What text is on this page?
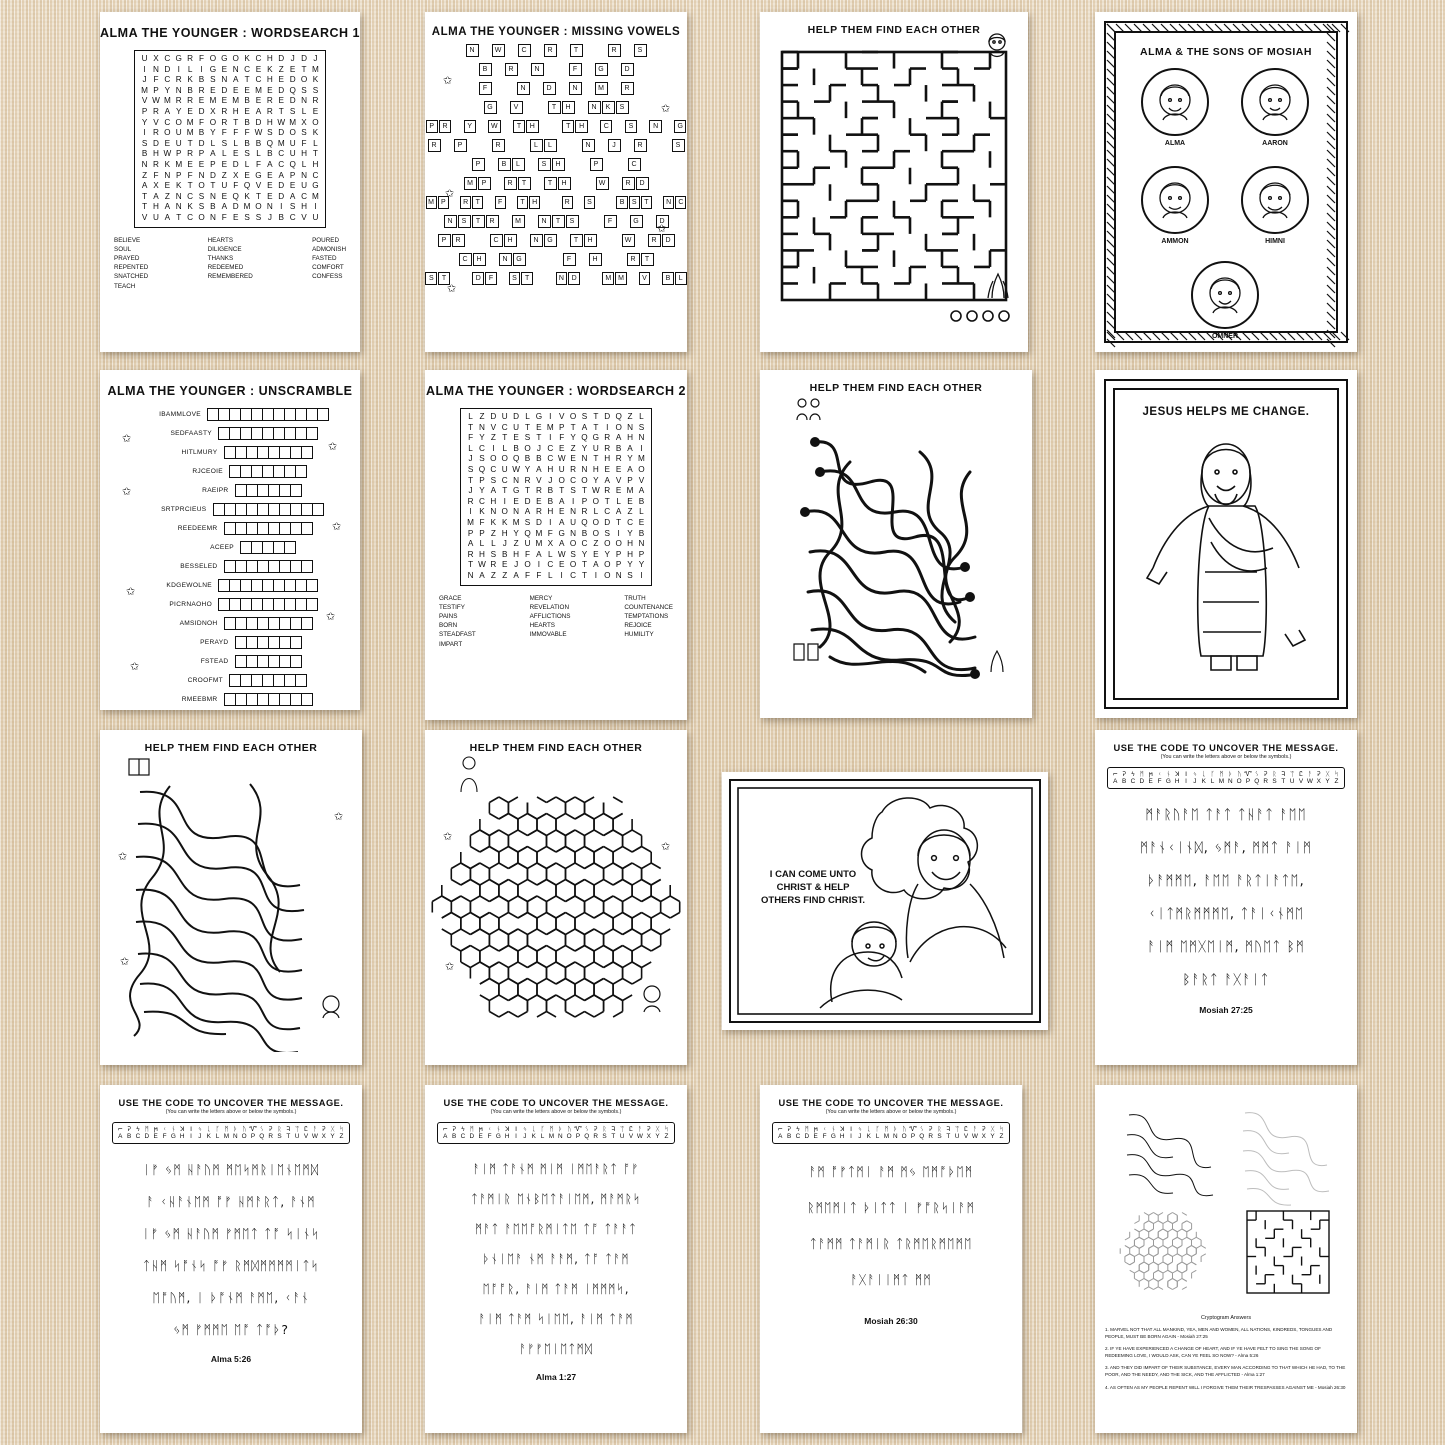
ALMA THE YOUNGER : WORDSEARCH 1
U X C G R F O G O K C H D J D J
I N D I L I G E N C E K Z E T M
J F C R K B S N A T C H E D O K
M P Y N B R E D E E M E D Q S S
V W M R R E M E M B E R E D N R
P R A Y E D X R H E A R T S L E
Y V C O M F O R T B D H W M X O
I R O U M B Y F F F W S D O S K
S D E U T D L S L B B Q M U F L
B H W P R P A L E S L B C U H T
N R K M E E P E D L F A C Q L H
Z F N P F N D Z X E G E A P N C
A X E K T O T U F Q V E D E U G
T A Z N C S N E Q K T E D A C M
T H A N K S B A D M O N I S H I
V U A T C O N F E S S J B C V U
BELIEVE
SOUL
PRAYED
REPENTED
SNATCHED
TEACH
HEARTS
DILIGENCE
THANKS
REDEEMED
REMEMBERED
POURED
ADMONISH
FASTED
COMFORT
CONFESS
ALMA THE YOUNGER : MISSING VOWELS
N
	W
	C
	R
	T

	R
	S
B
	R
	N

	F
	G
	D
F

	N
	D
	N
	M
	R
G
	V

	T	H
	N	K	S
P	R
	Y
	W
	T	H

	T	H
	C
	S
	N
	G
R
	P

	R

	L	L

	N
	J
	R

	S
P
	B	L
	S	H

	P

	C
M	P
	R	T
	T	H

	W
	R	D
M P
	R	T
	F
	T	H

	R
	S

	B	S	T
	N	C
N	S	T	R
	M
	N	T	S

	F
	G
	D
P	R

	C	H
	N	G
	T	H

	W
	R	D
C	H
	N	G

	F
	H

	R	T
S	T

	D	F
	S	T

	N	D

	M M
	V
	B	L
✩
✩
✩
✩
✩
HELP THEM FIND EACH OTHER
ALMA & THE SONS OF MOSIAH
ALMA	AARON
AMMON	HIMNI
OMNER
ALMA THE YOUNGER : UNSCRAMBLE
IBAMMLOVE
SEDFAASTY
HITLMURY
RJCEOIE
RAEIPR
SRTPRCIEUS
REEDEEMR
ACEEP
BESSELED
KDGEWOLNE
PICRNAOHO
AMSIDNOH
PERAYD
FSTEAD
CROOFMT
RMEEBMR
✩
✩
✩
✩
✩
✩
✩
ALMA THE YOUNGER : WORDSEARCH 2
L Z D U D L G I V O S T D Q Z L
T N V C U T E M P T A T I O N S
F Y Z T E S T I F Y Q G R A H N
L C I L B O J C E Z Y U R B A I
J S O O Q B B C W E N T H R Y M
S Q C U W Y A H U R N H E E A O
T P S C N R V J O C O Y A V P V
J Y A T G T R B T S T W R E M A
R C H I E D E B A I P O T L E B
I K N O N A R H E N R L C A Z L
M F K K M S D I A U Q O D T C E
P P Z H Y Q M F G N B O S I Y B
A L L J Z U M X A O C Z O O H N
R H S B H F A L W S Y E Y P H P
T W R E J O I C E O T A O P Y Y
N A Z Z A F F L I C T I O N S I
GRACE
TESTIFY
PAINS
BORN
STEADFAST
IMPART
MERCY
REVELATION
AFFLICTIONS
HEARTS
IMMOVABLE
TRUTH
COUNTENANCE
TEMPTATIONS
REJOICE
HUMILITY
HELP THEM FIND EACH OTHER
JESUS HELPS ME CHANGE.
HELP THEM FIND EACH OTHER
✩
✩
✩
HELP THEM FIND EACH OTHER
✩
✩
✩
I CAN COME UNTO CHRIST & HELP OTHERS FIND CHRIST.
USE THE CODE TO UNCOVER THE MESSAGE.
(You can write the letters above or below the symbols.)
⌐ Ꭾ ϟ ᛗ ϻ ᚲ ᚾ ꓘ ꓲ ᛃ ᚳ ᚴ ᛗ ᚦ ᚢ Ꮙ ᛊ Ꭾ ᚱ Ꮈ ᛠ Ꮭ ᚨ Ꭾ ᚷ ᛋ
A B C D E F G H I J K L M N O P Q R S T U V W X Y Z
ᛗᚨᚱᚢᚨᛖ ᛏᚨᛏ ᛏᚺᚨᛏ ᚨᛖᛖ
ᛗᚨᚾᚲᛁᚾᛞ, ᛃᛗᚨ, ᛗᛗᛏ ᚨᛁᛗ
ᚦᚨᛗᛗᛖ, ᚨᛖᛖ ᚨᚱᛏᛁᚨᛏᛖ,
ᚲᛁᛏᛗᚱᛗᛗᛗᛖ, ᛏᚨᛁᚲᚾᛗᛖ
ᚨᛁᛗ ᛖᛗᚷᛖᛁᛗ, ᛗᚢᛖᛏ ᛒᛗ
ᛒᚨᚱᛏ ᚨᚷᚨᛁᛏ
Mosiah 27:25
USE THE CODE TO UNCOVER THE MESSAGE.
(You can write the letters above or below the symbols.)
⌐ Ꭾ ϟ ᛗ ϻ ᚲ ᚾ ꓘ ꓲ ᛃ ᚳ ᚴ ᛗ ᚦ ᚢ Ꮙ ᛊ Ꭾ ᚱ Ꮈ ᛠ Ꮭ ᚨ Ꭾ ᚷ ᛋ
A B C D E F G H I J K L M N O P Q R S T U V W X Y Z
ᛁᚠ ᛃᛗ ᚺᚨᚢᛗ ᛗᛖᛋᛗᚱᛁᛖᚾᛖᛗᛞ
ᚨ ᚲᚺᚨᚾᛖᛗ ᚩᚠ ᚺᛗᚨᚱᛏ, ᚨᚾᛗ
ᛁᚠ ᛃᛗ ᚺᚨᚢᛗ ᚠᛗᛖᛏ ᛏᚩ ᛋᛁᚾᛋ
ᛏᚺᛗ ᛋᚩᚾᛋ ᚩᚠ ᚱᛗᛞᛗᛗᛗᛗᛁᛏᛋ
ᛖᚩᚢᛗ, ᛁ ᚦᚩᚾᛗ ᚨᛗᛖ, ᚲᚨᚾ
ᛃᛗ ᚠᛗᛗᛖ ᛖᚩ ᛏᚩᚦ?
Alma 5:26
USE THE CODE TO UNCOVER THE MESSAGE.
(You can write the letters above or below the symbols.)
⌐ Ꭾ ϟ ᛗ ϻ ᚲ ᚾ ꓘ ꓲ ᛃ ᚳ ᚴ ᛗ ᚦ ᚢ Ꮙ ᛊ Ꭾ ᚱ Ꮈ ᛠ Ꮭ ᚨ Ꭾ ᚷ ᛋ
A B C D E F G H I J K L M N O P Q R S T U V W X Y Z
ᚨᛁᛗ ᛏᚨᚾᛗ ᛗᛁᛗ ᛁᛗᛖᚨᚱᛏ ᚩᚠ
ᛏᚨᛗᛁᚱ ᛖᚾᛒᛖᛏᚨᛁᛖᛗ, ᛗᚨᛗᚱᛋ
ᛗᚨᛏ ᚨᛖᛖᚩᚱᛗᛁᛏᛖ ᛏᚩ ᛏᚨᚨᛏ
ᚦᚾᛁᛖᚨ ᚾᛗ ᚨᚨᛗ, ᛏᚩ ᛏᚨᛗ
ᛖᚩᚩᚱ, ᚨᛁᛗ ᛏᚨᛗ ᛁᛗᛗᛗᛋ,
ᚨᛁᛗ ᛏᚨᛗ ᛋᛁᛖᛖ, ᚨᛁᛗ ᛏᚨᛗ
ᚨᚠᚠᛖᛁᛖᛏᛗᛞ
Alma 1:27
USE THE CODE TO UNCOVER THE MESSAGE.
(You can write the letters above or below the symbols.)
⌐ Ꭾ ϟ ᛗ ϻ ᚲ ᚾ ꓘ ꓲ ᛃ ᚳ ᚴ ᛗ ᚦ ᚢ Ꮙ ᛊ Ꭾ ᚱ Ꮈ ᛠ Ꮭ ᚨ Ꭾ ᚷ ᛋ
A B C D E F G H I J K L M N O P Q R S T U V W X Y Z
ᚨᛗ ᚩᚠᛏᛗᛁ ᚨᛗ ᛗᛃ ᛖᛗᚩᚦᛖᛗ
ᚱᛗᛖᛗᛁᛏ ᚦᛁᛏᛏ ᛁ ᚠᚩᚱᛋᛁᚨᛗ
ᛏᚨᛗᛗ ᛏᚨᛗᛁᚱ ᛏᚱᛗᛖᚱᛗᛖᛗᛖ
ᚨᚷᚨᛁᛁᛗᛏ ᛗᛗ
Mosiah 26:30	Cryptogram Answers
1. MARVEL NOT THAT ALL MANKIND, YEA, MEN AND WOMEN, ALL NATIONS, KINDREDS, TONGUES AND PEOPLE, MUST BE BORN AGAIN - Mosiah 27:25
2. IF YE HAVE EXPERIENCED A CHANGE OF HEART, AND IF YE HAVE FELT TO SING THE SONG OF REDEEMING LOVE, I WOULD ASK, CAN YE FEEL SO NOW? - Alma 5:26
3. AND THEY DID IMPART OF THEIR SUBSTANCE, EVERY MAN ACCORDING TO THAT WHICH HE HAD, TO THE POOR, AND THE NEEDY, AND THE SICK, AND THE AFFLICTED - Alma 1:27
4. AS OFTEN AS MY PEOPLE REPENT WILL I FORGIVE THEM THEIR TRESPASSES AGAINST ME - Mosiah 26:30
